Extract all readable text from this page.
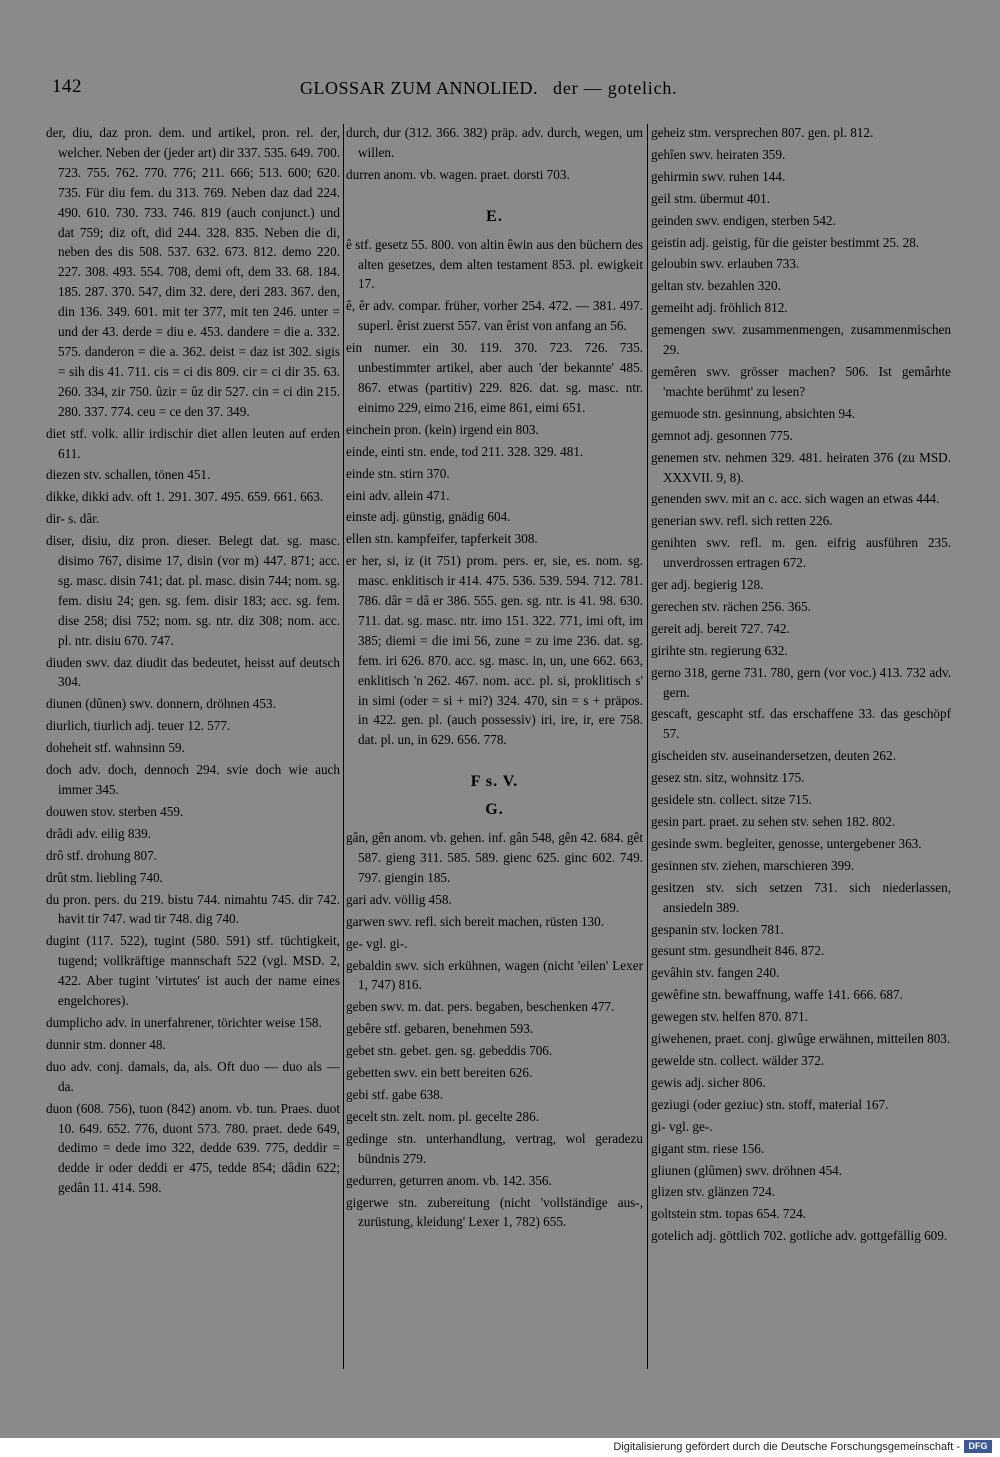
142	GLOSSAR ZUM ANNOLIED. der — gotelich.
der, diu, daz pron. dem. und artikel, pron. rel. der, welcher. Neben der (jeder art) dir 337. 535. 649. 700. 723. 755. 762. 770. 776; 211. 666; 513. 600; 620. 735. Für diu fem. du 313. 769. Neben daz dad 224. 490. 610. 730. 733. 746. 819 (auch conjunct.) und dat 759; diz oft, did 244. 328. 835. Neben die di, neben des dis 508. 537. 632. 673. 812. demo 220. 227. 308. 493. 554. 708, demi oft, dem 33. 68. 184. 185. 287. 370. 547, dim 32. dere, deri 283. 367. den, din 136. 349. 601. mit ter 377, mit ten 246. unter = und der 43. derde = diu e. 453. dandere = die a. 332. 575. danderon = die a. 362. deist = daz ist 302. sigis = sih dis 41. 711. cis = ci dis 809. cir = ci dir 35. 63. 260. 334, zir 750. ûzir = ûz dir 527. cin = ci din 215. 280. 337. 774. ceu = ce den 37. 349.
diet stf. volk. allir irdischir diet allen leuten auf erden 611.
diezen stv. schallen, tönen 451.
dikke, dikki adv. oft 1. 291. 307. 495. 659. 661. 663.
dir- s. dâr.
diser, disiu, diz pron. dieser. Belegt dat. sg. masc. disimo 767, disime 17, disin (vor m) 447. 871; acc. sg. masc. disin 741; dat. pl. masc. disin 744; nom. sg. fem. disiu 24; gen. sg. fem. disir 183; acc. sg. fem. dise 258; disi 752; nom. sg. ntr. diz 308; nom. acc. pl. ntr. disiu 670. 747.
diuden swv. daz diudit das bedeutet, heisst auf deutsch 304.
diunen (dûnen) swv. donnern, dröhnen 453.
diurlich, tiurlich adj. teuer 12. 577.
doheheit stf. wahnsinn 59.
doch adv. doch, dennoch 294. svie doch wie auch immer 345.
douwen stov. sterben 459.
drâdi adv. eilig 839.
drô stf. drohung 807.
drût stm. liebling 740.
du pron. pers. du 219. bistu 744. nimahtu 745. dir 742. havit tir 747. wad tir 748. dig 740.
dugint (117. 522), tugint (580. 591) stf. tüchtigkeit, tugend; vollkräftige mannschaft 522 (vgl. MSD. 2, 422. Aber tugint 'virtutes' ist auch der name eines engelchores).
dumplicho adv. in unerfahrener, törichter weise 158.
dunnir stm. donner 48.
duo adv. conj. damals, da, als. Oft duo — duo als — da.
duon (608. 756), tuon (842) anom. vb. tun. Praes. duot 10. 649. 652. 776, duont 573. 780. praet. dede 649, dedimo = dede imo 322, dedde 639. 775, deddir = dedde ir oder deddi er 475, tedde 854; dâdin 622; gedân 11. 414. 598.
durch, dur (312. 366. 382) präp. adv. durch, wegen, um willen.
durren anom. vb. wagen. praet. dorsti 703.
E.
ê stf. gesetz 55. 800. von altin êwin aus den büchern des alten gesetzes, dem alten testament 853. pl. ewigkeit 17.
ê, êr adv. compar. früher, vorher 254. 472. — 381. 497. superl. êrist zuerst 557. van êrist von anfang an 56.
ein numer. ein 30. 119. 370. 723. 726. 735. unbestimmter artikel, aber auch 'der bekannte' 485. 867. etwas (partitiv) 229. 826. dat. sg. masc. ntr. einimo 229, eimo 216, eime 861, eimi 651.
einchein pron. (kein) irgend ein 803.
einde, einti stn. ende, tod 211. 328. 329. 481.
einde stn. stirn 370.
eini adv. allein 471.
einste adj. günstig, gnädig 604.
ellen stn. kampfeifer, tapferkeit 308.
er her, si, iz (it 751) prom. pers. er, sie, es. nom. sg. masc. enklitisch ir 414. 475. 536. 539. 594. 712. 781. 786. dâr = dâ er 386. 555. gen. sg. ntr. is 41. 98. 630. 711. dat. sg. masc. ntr. imo 151. 322. 771, imi oft, im 385; diemi = die imi 56, zune = zu ime 236. dat. sg. fem. iri 626. 870. acc. sg. masc. in, un, une 662. 663, enklitisch 'n 262. 467. nom. acc. pl. si, proklitisch s' in simi (oder = si + mi?) 324. 470, sin = s + präpos. in 422. gen. pl. (auch possessiv) iri, ire, ir, ere 758. dat. pl. un, in 629. 656. 778.
F s. V.
G.
gân, gên anom. vb. gehen. inf. gân 548, gên 42. 684. gêt 587. gieng 311. 585. 589. gienc 625. ginc 602. 749. 797. giengin 185.
gari adv. völlig 458.
garwen swv. refl. sich bereit machen, rüsten 130.
ge- vgl. gi-.
gebaldin swv. sich erkühnen, wagen (nicht 'eilen' Lexer 1, 747) 816.
geben swv. m. dat. pers. begaben, beschenken 477.
gebêre stf. gebaren, benehmen 593.
gebet stn. gebet. gen. sg. gebeddis 706.
gebetten swv. ein bett bereiten 626.
gebi stf. gabe 638.
gecelt stn. zelt. nom. pl. gecelte 286.
gedinge stn. unterhandlung, vertrag, wol geradezu bündnis 279.
gedurren, geturren anom. vb. 142. 356.
gigerwe stn. zubereitung (nicht 'vollständige aus-, zurüstung, kleidung' Lexer 1, 782) 655.
geheiz stm. versprechen 807. gen. pl. 812.
gehîen swv. heiraten 359.
gehirmin swv. ruhen 144.
geil stm. übermut 401.
geinden swv. endigen, sterben 542.
geistin adj. geistig, für die geister bestimmt 25. 28.
geloubin swv. erlauben 733.
geltan stv. bezahlen 320.
gemeiht adj. fröhlich 812.
gemengen swv. zusammenmengen, zusammenmischen 29.
gemêren swv. grösser machen? 506. Ist gemârhte 'machte berühmt' zu lesen?
gemuode stn. gesinnung, absichten 94.
gemnot adj. gesonnen 775.
genemen stv. nehmen 329. 481. heiraten 376 (zu MSD. XXXVII. 9, 8).
genenden swv. mit an c. acc. sich wagen an etwas 444.
generian swv. refl. sich retten 226.
genihten swv. refl. m. gen. eifrig ausführen 235. unverdrossen ertragen 672.
ger adj. begierig 128.
gerechen stv. rächen 256. 365.
gereit adj. bereit 727. 742.
girihte stn. regierung 632.
gerno 318, gerne 731. 780, gern (vor voc.) 413. 732 adv. gern.
gescaft, gescapht stf. das erschaffene 33. das geschöpf 57.
gischeiden stv. auseinandersetzen, deuten 262.
gesez stn. sitz, wohnsitz 175.
gesidele stn. collect. sitze 715.
gesin part. praet. zu sehen stv. sehen 182. 802.
gesinde swm. begleiter, genosse, untergebener 363.
gesinnen stv. ziehen, marschieren 399.
gesitzen stv. sich setzen 731. sich niederlassen, ansiedeln 389.
gespanin stv. locken 781.
gesunt stm. gesundheit 846. 872.
gevâhin stv. fangen 240.
gewêfine stn. bewaffnung, waffe 141. 666. 687.
gewegen stv. helfen 870. 871.
giwehenen, praet. conj. giwûge erwähnen, mitteilen 803.
gewelde stn. collect. wälder 372.
gewis adj. sicher 806.
geziugi (oder geziuc) stn. stoff, material 167.
gi- vgl. ge-.
gigant stm. riese 156.
gliunen (glûmen) swv. dröhnen 454.
glizen stv. glänzen 724.
goltstein stm. topas 654. 724.
gotelich adj. göttlich 702. gotliche adv. gottgefällig 609.
Digitalisierung gefördert durch die Deutsche Forschungsgemeinschaft - DFG
